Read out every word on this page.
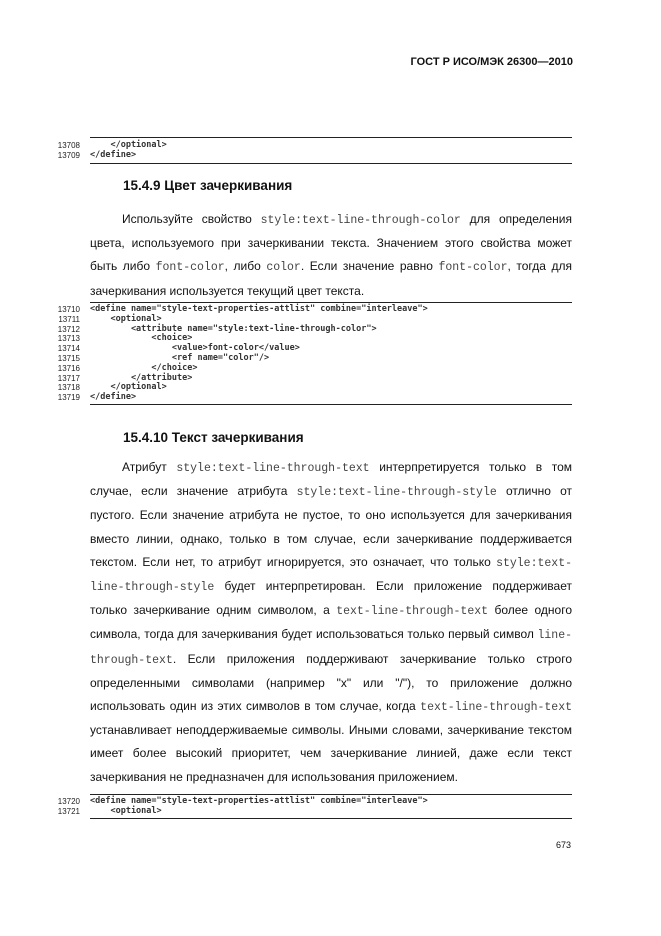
ГОСТ Р ИСО/МЭК 26300—2010
13708 </optional>
13709 </define>
15.4.9 Цвет зачеркивания

Используйте свойство style:text-line-through-color для определения цвета, используемого при зачеркивании текста. Значением этого свойства может быть либо font-color, либо color. Если значение равно font-color, тогда для зачеркивания используется текущий цвет текста.

13710 <define name="style-text-properties-attlist" combine="interleave">
13711 <optional>
13712 <attribute name="style:text-line-through-color">
13713 <choice>
13714 <value>font-color</value>
13715 <ref name="color"/>
13716 </choice>
13717 </attribute>
13718 </optional>
13719 </define>
15.4.10 Текст зачеркивания

Атрибут style:text-line-through-text интерпретируется только в том случае, если значение атрибута style:text-line-through-style отлично от пустого. Если значение атрибута не пустое, то оно используется для зачеркивания вместо линии, однако, только в том случае, если зачеркивание поддерживается текстом. Если нет, то атрибут игнорируется, это означает, что только style:text-line-through-style будет интерпретирован. Если приложение поддерживает только зачеркивание одним символом, а text-line-through-text более одного символа, тогда для зачеркивания будет использоваться только первый символ line-through-text. Если приложения поддерживают зачеркивание только строго определенными символами (например "x" или "/"), то приложение должно использовать один из этих символов в том случае, когда text-line-through-text устанавливает неподдерживаемые символы. Иными словами, зачеркивание текстом имеет более высокий приоритет, чем зачеркивание линией, даже если текст зачеркивания не предназначен для использования приложением.

13720 <define name="style-text-properties-attlist" combine="interleave">
13721 <optional>
673
